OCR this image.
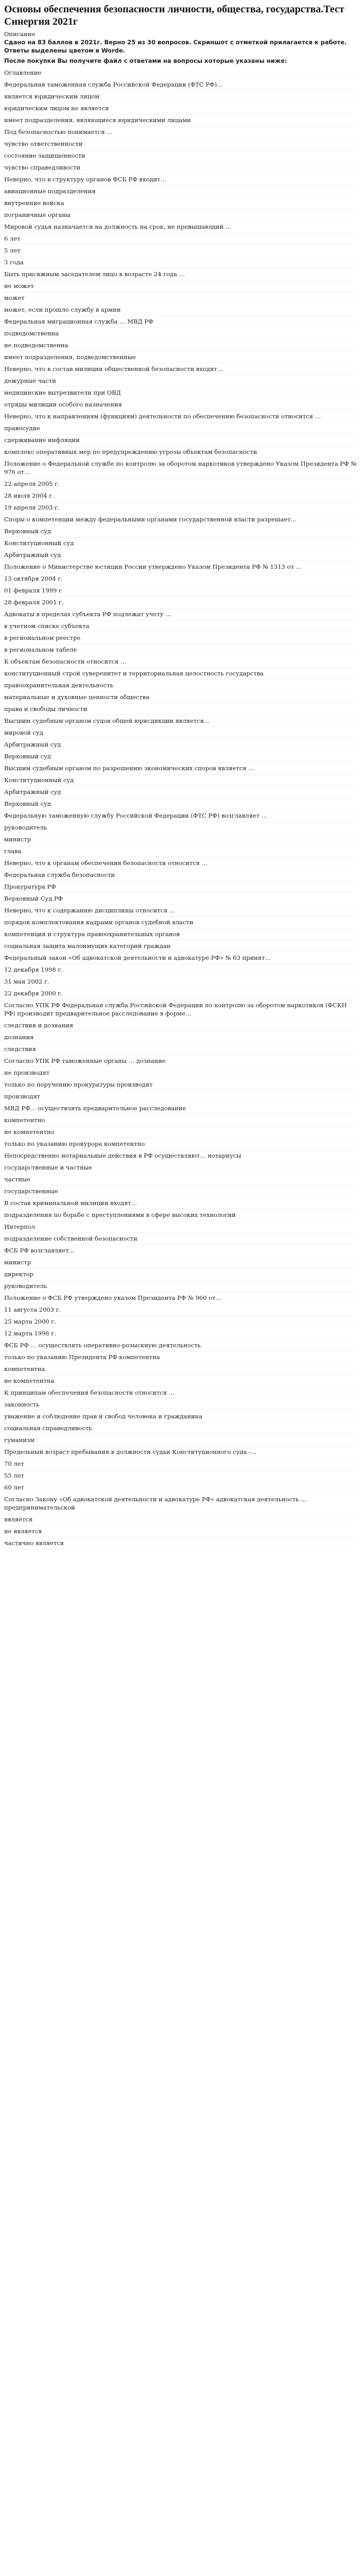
Основы обеспечения безопасности личности, общества, государства.Тест Синергия 2021г

Описание

Сдано на 83 баллов в 2021г. Верно 25 из 30 вопросов. Скриншот с отметкой прилагается к работе. Ответы выделены цветом в Worde.

После покупки Вы получите файл с ответами на вопросы которые указаны ниже:

Оглавление
Федеральная таможенная служба Российской Федерации (ФТС РФ)...
является юридическим лицом
юридическим лицом не является
имеет подразделения, являющиеся юридическими лицами
Под безопасностью понимается …
чувство ответственности
состояние защищенности
чувство справедливости
Неверно, что в структуру органов ФСБ РФ входит…
авиационные подразделения
внутренние войска
пограничные органы
Мировой судья назначается на должность на срок, не превышающий …
6 лет
5 лет
3 года
Быть присяжным заседателем лицо в возрасте 24 года …
не может
может
может, если прошло службу в армии
Федеральная миграционная служба … МВД РФ
подведомственна
не подведомственна
имеет подразделения, подведомственные
Неверно, что в состав милиции общественной безопасности входят…
дежурные части
медицинские вытрезвители при ОВД
отряды милиции особого назначения
Неверно, что к направлениям (функциям) деятельности по обеспечению безопасности относится …
правосудие
сдерживание инфляции
комплекс оперативных мер по предупреждению угрозы объектам безопасности
Положение о Федеральной службе по контролю за оборотом наркотиков утверждено Указом Президента РФ № 976 от…
22 апреля 2005 г.
28 июля 2004 г.
19 апреля 2003 г.
Споры о компетенции между федеральными органами государственной власти разрешает…
Верховный суд
Конституционный суд
Арбитражный суд
Положение о Министерстве юстиции России утверждено Указом Президента РФ № 1313 от …
13 октября 2004 г.
01 февраля 1999 г
28 февраля 2001 г.
Адвокаты в пределах субъекта РФ подлежат учету …
в учетном списке субъекта
в региональном реестре
в региональном табеле
К объектам безопасности относится …
конституционный строй суверенитет и территориальная целостность государства
правоохранительная деятельность
материальные и духовные ценности общества
права и свободы личности
Высшим судебным органом судов общей юрисдикции является…
мировой суд
Арбитражный суд
Верховный суд
Высшим судебным органом по разрешению экономических споров является …
Конституционный суд
Арбитражный суд
Верховный суд
Федеральную таможенную службу Российской Федерации (ФТС РФ) возглавляет …
руководитель
министр
глава
Неверно, что к органам обеспечения безопасности относится …
Федеральная служба безопасности
Прокуратура РФ
Верховный Суд РФ
Неверно, что к содержанию дисциплины относится …
порядок комплектования кадрами органов судебной власти
компетенция и структура правоохранительных органов
социальная защита малоимущих категорий граждан
Федеральный закон «Об адвокатской деятельности и адвокатуре РФ» № 63 принят…
12 декабря 1998 г.
31 мая 2002 г.
22 декабря 2000 г.
Согласно УПК РФ Федеральная служба Российской Федерации по контролю за оборотом наркотиков (ФСКН РФ) производит предварительное расследование в форме…
следствия и дознания
дознания
следствия
Согласно УПК РФ таможенные органы … дознание
не производят
только по поручению прокуратуры производят
производят
МВД РФ… осуществлять предварительное расследование
компетентно
не компетентно
только по указанию прокурора компетентно
Непосредственно нотариальные действия в РФ осуществляют… нотариусы
государственные и частные
частные
государственные
В состав криминальной милиции входят…
подразделения по борьбе с преступлениями в сфере высоких технологий
Интерпол
подразделение собственной безопасности
ФСБ РФ возглавляет…
министр
директор
руководитель
Положение о ФСБ РФ утверждено указом Президента РФ № 960 от…
11 августа 2003 г.
25 марта 2000 г.
12 марта 1998 г.
ФСБ РФ … осуществлять оперативно-розыскную деятельность
только по указанию Президента РФ компетентна
компетентна
не компетентна
К принципам обеспечения безопасности относится …
законность
уважение и соблюдение прав и свобод человека и гражданина
социальная справедливость
гуманизм
Предельный возраст пребывания в должности судьи Конституционного суда -…
70 лет
55 лет
60 лет
Согласно Закону «Об адвокатской деятельности и адвокатуре РФ» адвокатская деятельность … предпринимательской
является
не является
частично является
